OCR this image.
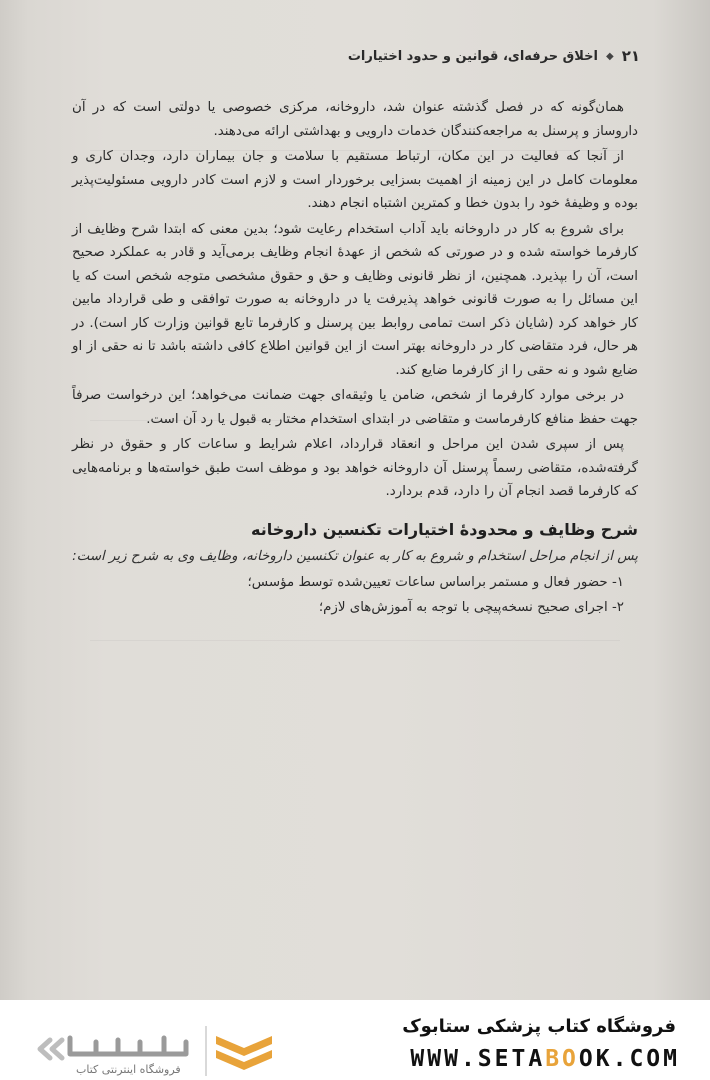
۲۱
◆
اخلاق حرفه‌ای، قوانین و حدود اختیارات

همان‌گونه که در فصل گذشته عنوان شد، داروخانه، مرکزی خصوصی یا دولتی است که در آن داروساز و پرسنل به مراجعه‌کنندگان خدمات دارویی و بهداشتی ارائه می‌دهند.

از آنجا که فعالیت در این مکان، ارتباط مستقیم با سلامت و جان بیماران دارد، وجدان کاری و معلومات کامل در این زمینه از اهمیت بسزایی برخوردار است و لازم است کادر دارویی مسئولیت‌پذیر بوده و وظیفهٔ خود را بدون خطا و کمترین اشتباه انجام دهند.

برای شروع به کار در داروخانه باید آداب استخدام رعایت شود؛ بدین معنی که ابتدا شرح وظایف از کارفرما خواسته شده و در صورتی که شخص از عهدهٔ انجام وظایف برمی‌آید و قادر به عملکرد صحیح است، آن را بپذیرد. همچنین، از نظر قانونی وظایف و حق و حقوق مشخصی متوجه شخص است که یا این مسائل را به صورت قانونی خواهد پذیرفت یا در داروخانه به صورت توافقی و طی قرارداد مابین کار خواهد کرد (شایان ذکر است تمامی روابط بین پرسنل و کارفرما تابع قوانین وزارت کار است). در هر حال، فرد متقاضی کار در داروخانه بهتر است از این قوانین اطلاع کافی داشته باشد تا نه حقی از او ضایع شود و نه حقی را از کارفرما ضایع کند.

در برخی موارد کارفرما از شخص، ضامن یا وثیقه‌ای جهت ضمانت می‌خواهد؛ این درخواست صرفاً جهت حفظ منافع کارفرماست و متقاضی در ابتدای استخدام مختار به قبول یا رد آن است.

پس از سپری شدن این مراحل و انعقاد قرارداد، اعلام شرایط و ساعات کار و حقوق در نظر گرفته‌شده، متقاضی رسماً پرسنل آن داروخانه خواهد بود و موظف است طبق خواسته‌ها و برنامه‌هایی که کارفرما قصد انجام آن را دارد، قدم بردارد.

شرح وظایف و محدودهٔ اختیارات تکنسین داروخانه

پس از انجام مراحل استخدام و شروع به کار به عنوان تکنسین داروخانه، وظایف وی به شرح زیر است:

۱- حضور فعال و مستمر براساس ساعات تعیین‌شده توسط مؤسس؛

۲- اجرای صحیح نسخه‌پیچی با توجه به آموزش‌های لازم؛

فروشگاه اینترنتی کتاب
فروشگاه کتاب پزشکی ستابوک
WWW.SETABOOK.COM
